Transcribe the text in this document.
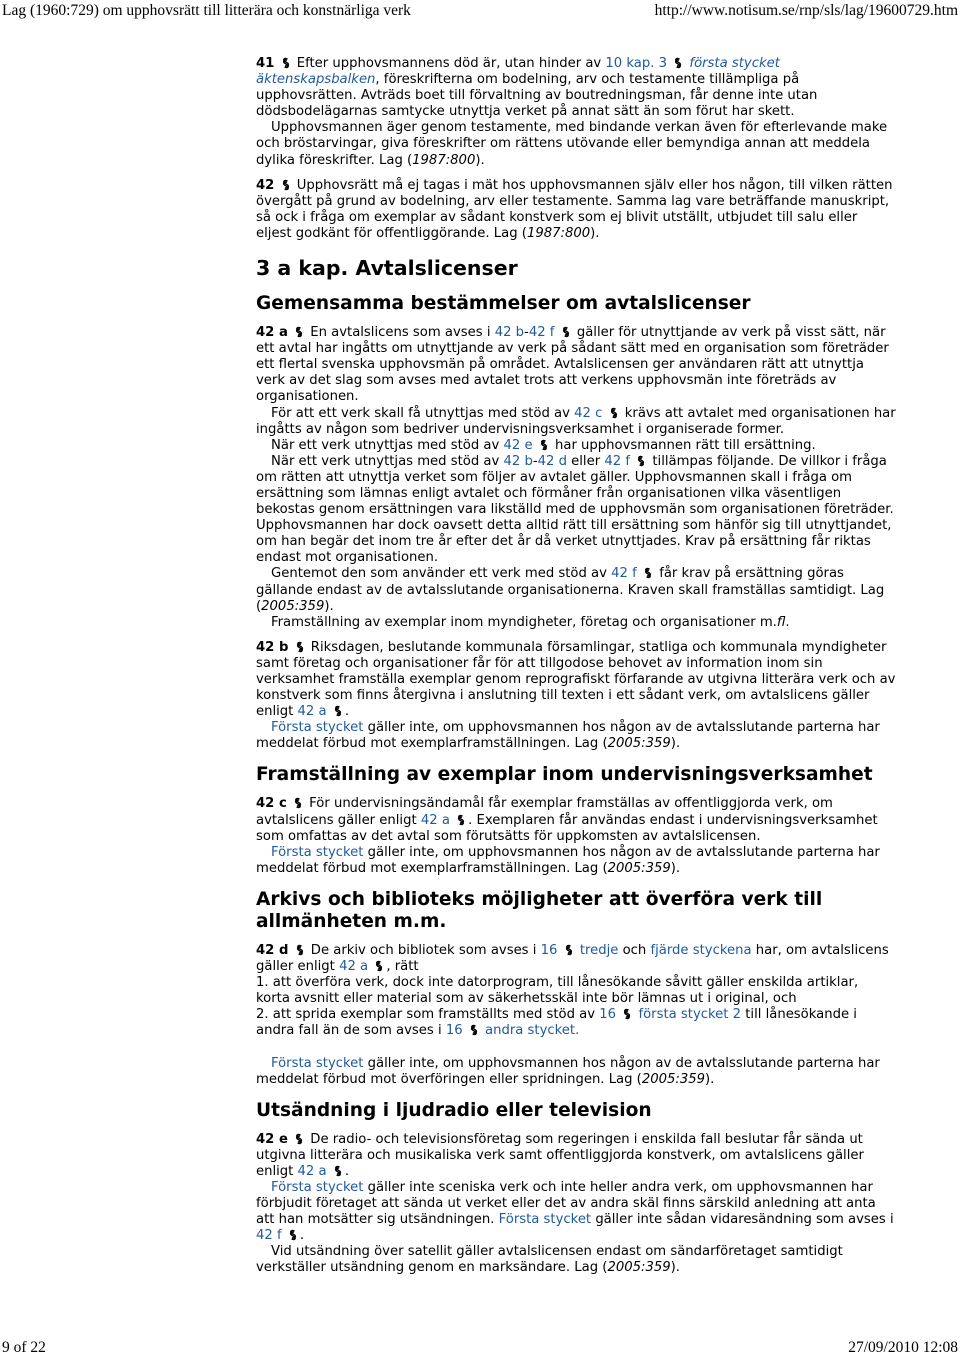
Lag (1960:729) om upphovsrätt till litterära och konstnärliga verk	http://www.notisum.se/rnp/sls/lag/19600729.htm

41 Efter upphovsmannens död är, utan hinder av 10 kap. 3 första stycket äktenskapsbalken, föreskrifterna om bodelning, arv och testamente tillämpliga på upphovsrätten. Avträds boet till förvaltning av boutredningsman, får denne inte utan dödsbodelägarnas samtycke utnyttja verket på annat sätt än som förut har skett.

Upphovsmannen äger genom testamente, med bindande verkan även för efterlevande make och bröstarvingar, giva föreskrifter om rättens utövande eller bemyndiga annan att meddela dylika föreskrifter. Lag (1987:800).

42 Upphovsrätt må ej tagas i mät hos upphovsmannen själv eller hos någon, till vilken rätten övergått på grund av bodelning, arv eller testamente. Samma lag vare beträffande manuskript, så ock i fråga om exemplar av sådant konstverk som ej blivit utställt, utbjudet till salu eller eljest godkänt för offentliggörande. Lag (1987:800).

3 a kap. Avtalslicenser
Gemensamma bestämmelser om avtalslicenser

42 a En avtalslicens som avses i 42 b-42 f gäller för utnyttjande av verk på visst sätt, när ett avtal har ingåtts om utnyttjande av verk på sådant sätt med en organisation som företräder ett flertal svenska upphovsmän på området. Avtalslicensen ger användaren rätt att utnyttja verk av det slag som avses med avtalet trots att verkens upphovsmän inte företräds av organisationen.

För att ett verk skall få utnyttjas med stöd av 42 c krävs att avtalet med organisationen har ingåtts av någon som bedriver undervisningsverksamhet i organiserade former.

När ett verk utnyttjas med stöd av 42 e har upphovsmannen rätt till ersättning.

När ett verk utnyttjas med stöd av 42 b-42 d eller 42 f tillämpas följande. De villkor i fråga om rätten att utnyttja verket som följer av avtalet gäller. Upphovsmannen skall i fråga om ersättning som lämnas enligt avtalet och förmåner från organisationen vilka väsentligen bekostas genom ersättningen vara likställd med de upphovsmän som organisationen företräder. Upphovsmannen har dock oavsett detta alltid rätt till ersättning som hänför sig till utnyttjandet, om han begär det inom tre år efter det år då verket utnyttjades. Krav på ersättning får riktas endast mot organisationen.

Gentemot den som använder ett verk med stöd av 42 f får krav på ersättning göras gällande endast av de avtalsslutande organisationerna. Kraven skall framställas samtidigt. Lag (2005:359).

Framställning av exemplar inom myndigheter, företag och organisationer m.fl.

42 b Riksdagen, beslutande kommunala församlingar, statliga och kommunala myndigheter samt företag och organisationer får för att tillgodose behovet av information inom sin verksamhet framställa exemplar genom reprografiskt förfarande av utgivna litterära verk och av konstverk som finns återgivna i anslutning till texten i ett sådant verk, om avtalslicens gäller enligt 42 a .

Första stycket gäller inte, om upphovsmannen hos någon av de avtalsslutande parterna har meddelat förbud mot exemplarframställningen. Lag (2005:359).

Framställning av exemplar inom undervisningsverksamhet

42 c För undervisningsändamål får exemplar framställas av offentliggjorda verk, om avtalslicens gäller enligt 42 a . Exemplaren får användas endast i undervisningsverksamhet som omfattas av det avtal som förutsätts för uppkomsten av avtalslicensen.

Första stycket gäller inte, om upphovsmannen hos någon av de avtalsslutande parterna har meddelat förbud mot exemplarframställningen. Lag (2005:359).

Arkivs och biblioteks möjligheter att överföra verk till allmänheten m.m.

42 d De arkiv och bibliotek som avses i 16 tredje och fjärde styckena har, om avtalslicens gäller enligt 42 a , rätt

1. att överföra verk, dock inte datorprogram, till lånesökande såvitt gäller enskilda artiklar, korta avsnitt eller material som av säkerhetsskäl inte bör lämnas ut i original, och

2. att sprida exemplar som framställts med stöd av 16 första stycket 2 till lånesökande i andra fall än de som avses i 16 andra stycket.

Första stycket gäller inte, om upphovsmannen hos någon av de avtalsslutande parterna har meddelat förbud mot överföringen eller spridningen. Lag (2005:359).

Utsändning i ljudradio eller television

42 e De radio- och televisionsföretag som regeringen i enskilda fall beslutar får sända ut utgivna litterära och musikaliska verk samt offentliggjorda konstverk, om avtalslicens gäller enligt 42 a .

Första stycket gäller inte sceniska verk och inte heller andra verk, om upphovsmannen har förbjudit företaget att sända ut verket eller det av andra skäl finns särskild anledning att anta att han motsätter sig utsändningen. Första stycket gäller inte sådan vidaresändning som avses i 42 f .

Vid utsändning över satellit gäller avtalslicensen endast om sändarföretaget samtidigt verkställer utsändning genom en marksändare. Lag (2005:359).

9 of 22	27/09/2010 12:08
